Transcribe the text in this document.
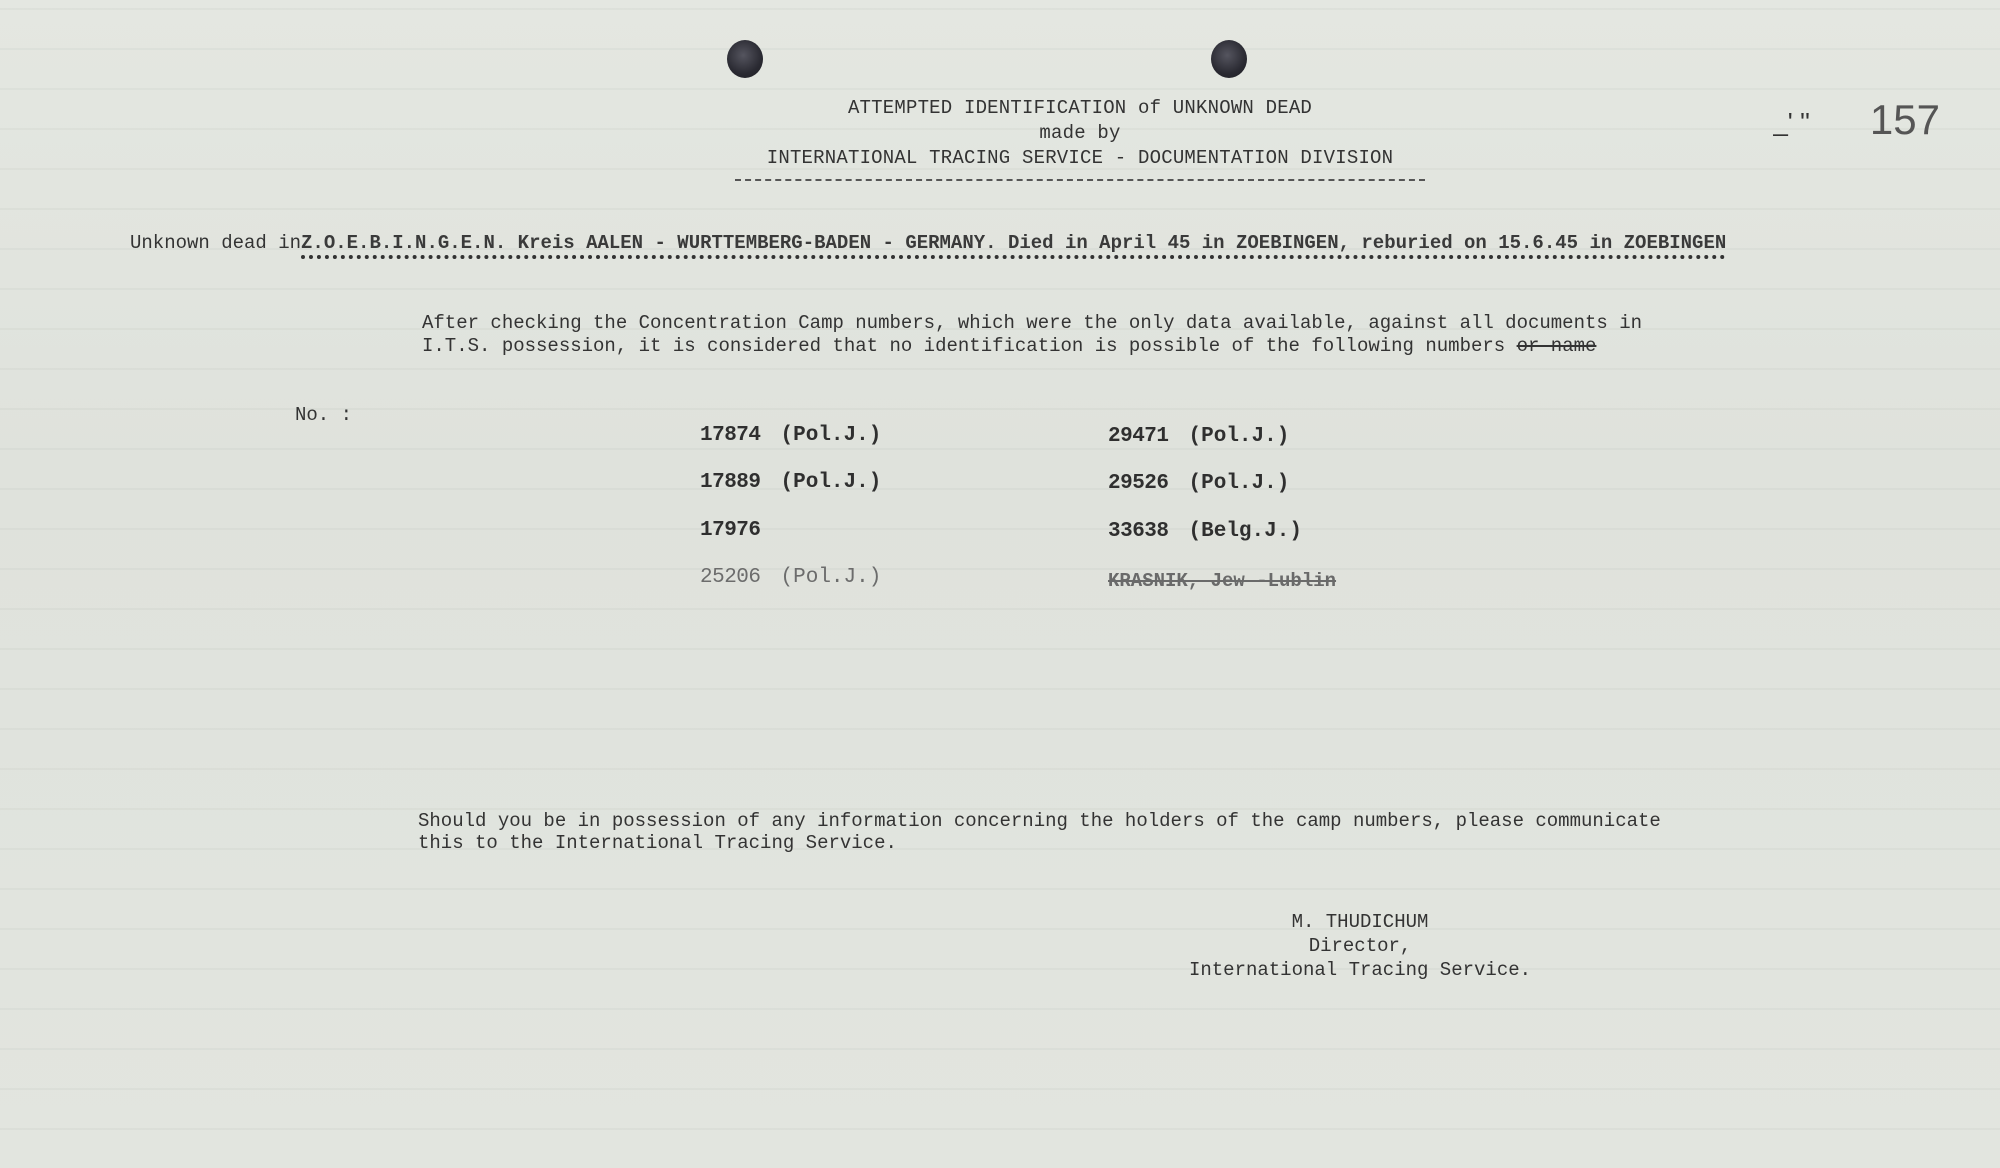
ATTEMPTED IDENTIFICATION of UNKNOWN DEAD
made by
INTERNATIONAL TRACING SERVICE - DOCUMENTATION DIVISION
_' '' 157
Unknown dead inZ.O.E.B.I.N.G.E.N. Kreis AALEN - WURTTEMBERG-BADEN - GERMANY. Died in April 45 in ZOEBINGEN, reburied on 15.6.45 in ZOEBINGEN
After checking the Concentration Camp numbers, which were the only data available, against all documents in I.T.S. possession, it is considered that no identification is possible of the following numbers or name
No. :
17874 (Pol.J.)
17889 (Pol.J.)
17976
25206 (Pol.J.)
29471 (Pol.J.)
29526 (Pol.J.)
33638 (Belg.J.)
KRASNIK, Jew -Lublin
Should you be in possession of any information concerning the holders of the camp numbers, please communicate this to the International Tracing Service.
M. THUDICHUM
Director,
International Tracing Service.
